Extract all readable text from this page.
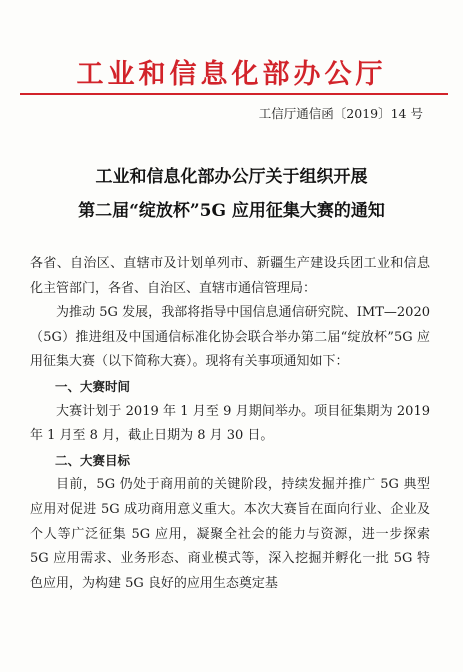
工业和信息化部办公厅
工信厅通信函〔2019〕14 号
工业和信息化部办公厅关于组织开展
第二届“绽放杯”5G 应用征集大赛的通知

各省、自治区、直辖市及计划单列市、新疆生产建设兵团工业和信息化主管部门，各省、自治区、直辖市通信管理局：

为推动 5G 发展，我部将指导中国信息通信研究院、IMT—2020（5G）推进组及中国通信标准化协会联合举办第二届“绽放杯”5G 应用征集大赛（以下简称大赛）。现将有关事项通知如下：

一、大赛时间

大赛计划于 2019 年 1 月至 9 月期间举办。项目征集期为 2019 年 1 月至 8 月，截止日期为 8 月 30 日。

二、大赛目标

目前，5G 仍处于商用前的关键阶段，持续发掘并推广 5G 典型应用对促进 5G 成功商用意义重大。本次大赛旨在面向行业、企业及个人等广泛征集 5G 应用，凝聚全社会的能力与资源，进一步探索 5G 应用需求、业务形态、商业模式等，深入挖掘并孵化一批 5G 特色应用，为构建 5G 良好的应用生态奠定基
